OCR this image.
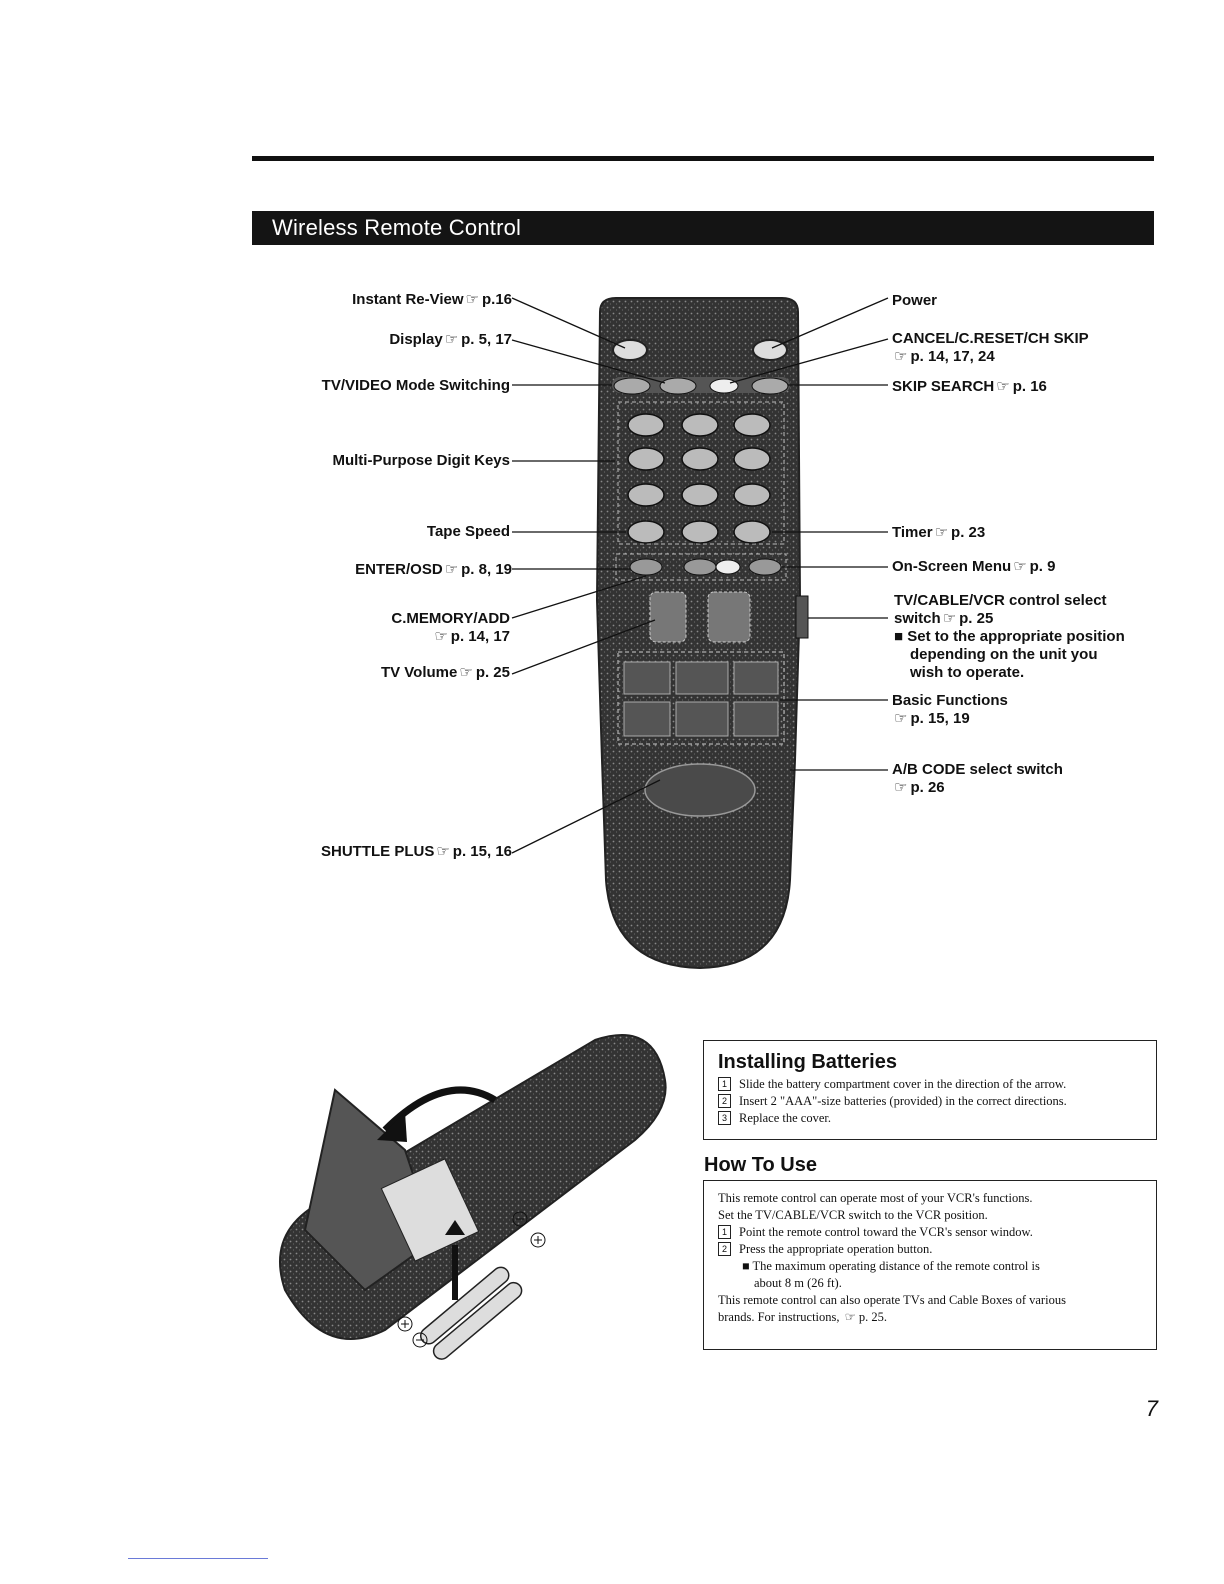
Wireless Remote Control
Instant Re-View ☞ p.16
Display ☞ p. 5, 17
TV/VIDEO Mode Switching
Multi-Purpose Digit Keys
Tape Speed
ENTER/OSD ☞ p. 8, 19
C.MEMORY/ADD
☞ p. 14, 17
TV Volume ☞ p. 25
SHUTTLE PLUS ☞ p. 15, 16
Power
CANCEL/C.RESET/CH SKIP
☞ p. 14, 17, 24
SKIP SEARCH ☞ p. 16
Timer ☞ p. 23
On-Screen Menu ☞ p. 9
TV/CABLE/VCR control select
switch ☞ p. 25
■ Set to the appropriate position
depending on the unit you
wish to operate.
Basic Functions
☞ p. 15, 19
A/B CODE select switch
☞ p. 26
Installing Batteries
1 Slide the battery compartment cover in the direction of the arrow.
2 Insert 2 "AAA"-size batteries (provided) in the correct directions.
3 Replace the cover.
How To Use
This remote control can operate most of your VCR's functions.
Set the TV/CABLE/VCR switch to the VCR position.
1 Point the remote control toward the VCR's sensor window.
2 Press the appropriate operation button.
■ The maximum operating distance of the remote control is
about 8 m (26 ft).
This remote control can also operate TVs and Cable Boxes of various
brands. For instructions, ☞ p. 25.
7
